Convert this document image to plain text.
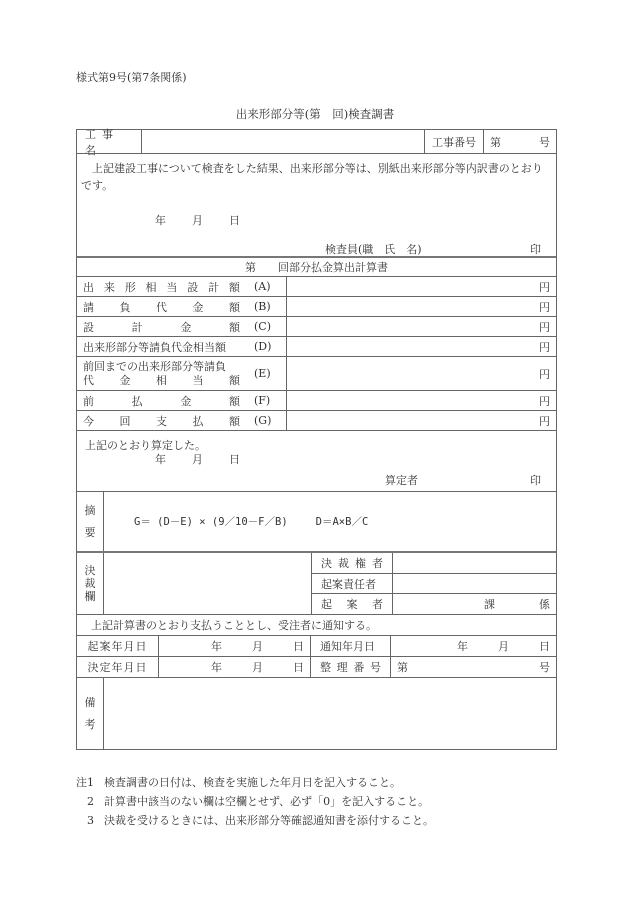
様式第9号(第7条関係)
出来形部分等(第　回)検査調書
工事名
工事番号	第	号
上記建設工事について検査をした結果、出来形部分等は、別紙出来形部分等内訳書のとおりです。
年 月 日
検査員(職　氏　名)	印
第　　回部分払金算出計算書
出 来 形 相 当 設 計 額 (A)	円
請 負 代 金 額 (B)	円
設	計	金	額 (C)	円
出来形部分等請負代金相当額	(D)	円
前回までの出来形部分等請負
代 金 相 当 額 (E)	円
前	払	金	額 (F)	円
今 回 支 払 額 (G)	円
上記のとおり算定した。
年 月 日
算定者	印
摘
要
G＝ (D－E) × (9／10－F／B)	D＝A×B／C
決
裁
欄
決 裁 権 者
起案責任者
起 案 者	課	係
上記計算書のとおり支払うこととし、受注者に通知する。
起案年月日	年	月	日 通知年月日	年	月	日
決定年月日	年	月	日 整 理 番 号 第	号
備
考
注1 検査調書の日付は、検査を実施した年月日を記入すること。
2 計算書中該当のない欄は空欄とせず、必ず「0」を記入すること。
3 決裁を受けるときには、出来形部分等確認通知書を添付すること。
